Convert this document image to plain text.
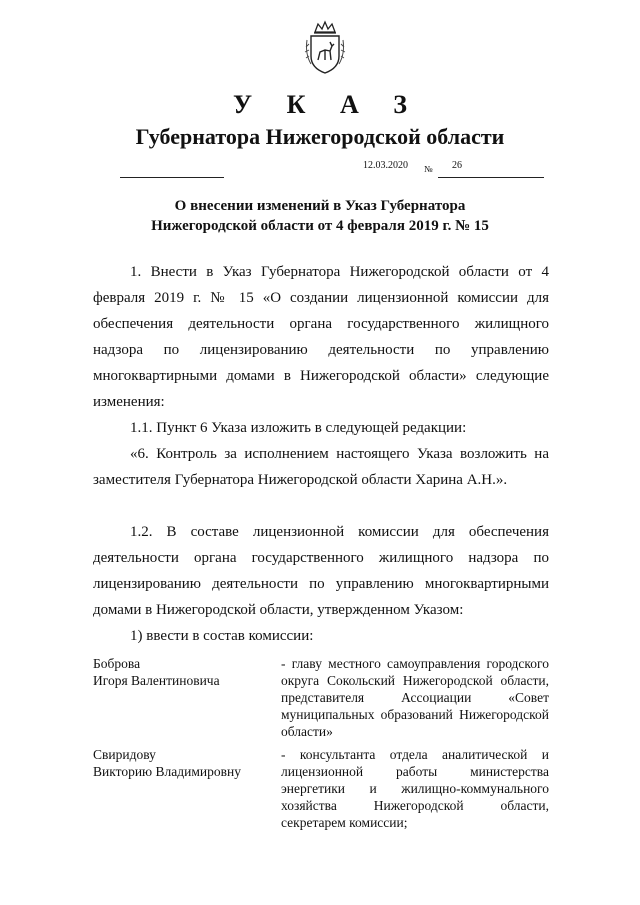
У К А З
Губернатора Нижегородской области
12.03.2020 № 26
О внесении изменений в Указ Губернатора
Нижегородской области от 4 февраля 2019 г. № 15

1. Внести в Указ Губернатора Нижегородской области от 4 февраля 2019 г. № 15 «О создании лицензионной комиссии для обеспечения деятельности органа государственного жилищного надзора по лицензированию деятельности по управлению многоквартирными домами в Нижегородской области» следующие изменения:

1.1. Пункт 6 Указа изложить в следующей редакции:

«6. Контроль за исполнением настоящего Указа возложить на заместителя Губернатора Нижегородской области Харина А.Н.».

1.2. В составе лицензионной комиссии для обеспечения деятельности органа государственного жилищного надзора по лицензированию деятельности по управлению многоквартирными домами в Нижегородской области, утвержденном Указом:

1) ввести в состав комиссии:

Боброва
Игоря Валентиновича
- главу местного самоуправления городского округа Сокольский Нижегородской области, представителя Ассоциации «Совет муниципальных образований Нижегородской области»
Свиридову
Викторию Владимировну
- консультанта отдела аналитической и лицензионной работы министерства энергетики и жилищно-коммунального хозяйства Нижегородской области, секретарем комиссии;
